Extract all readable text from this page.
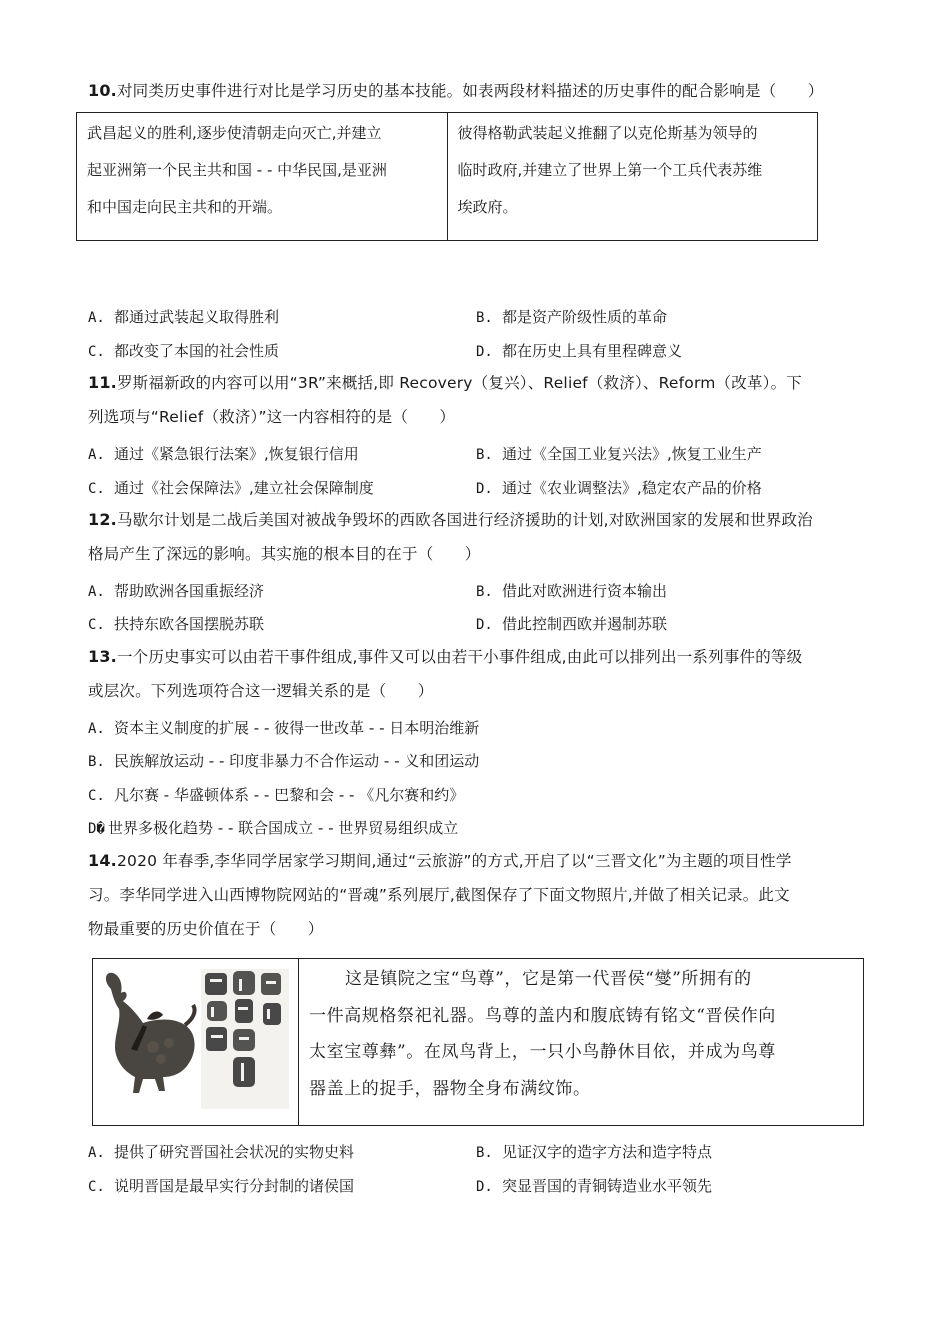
10.对同类历史事件进行对比是学习历史的基本技能。如表两段材料描述的历史事件的配合影响是（　　）
武昌起义的胜利,逐步使清朝走向灭亡,并建立
起亚洲第一个民主共和国 - - 中华民国,是亚洲
和中国走向民主共和的开端。

彼得格勒武装起义推翻了以克伦斯基为领导的
临时政府,并建立了世界上第一个工兵代表苏维
埃政府。
A. 都通过武装起义取得胜利	B. 都是资产阶级性质的革命
C. 都改变了本国的社会性质	D. 都在历史上具有里程碑意义
11.罗斯福新政的内容可以用“3R”来概括,即 Recovery（复兴）、Relief（救济）、Reform（改革）。下
列选项与“Relief（救济）”这一内容相符的是（　　）
A. 通过《紧急银行法案》,恢复银行信用	B. 通过《全国工业复兴法》,恢复工业生产
C. 通过《社会保障法》,建立社会保障制度	D. 通过《农业调整法》,稳定农产品的价格
12.马歇尔计划是二战后美国对被战争毁坏的西欧各国进行经济援助的计划,对欧洲国家的发展和世界政治
格局产生了深远的影响。其实施的根本目的在于（　　）
A. 帮助欧洲各国重振经济	B. 借此对欧洲进行资本输出
C. 扶持东欧各国摆脱苏联	D. 借此控制西欧并遏制苏联
13.一个历史事实可以由若干事件组成,事件又可以由若干小事件组成,由此可以排列出一系列事件的等级
或层次。下列选项符合这一逻辑关系的是（　　）
A. 资本主义制度的扩展 - - 彼得一世改革 - - 日本明治维新
B. 民族解放运动 - - 印度非暴力不合作运动 - - 义和团运动
C. 凡尔赛 - 华盛顿体系 - - 巴黎和会 - - 《凡尔赛和约》
D� 世界多极化趋势 - - 联合国成立 - - 世界贸易组织成立
14.2020 年春季,李华同学居家学习期间,通过“云旅游”的方式,开启了以“三晋文化”为主题的项目性学
习。李华同学进入山西博物院网站的“晋魂”系列展厅,截图保存了下面文物照片,并做了相关记录。此文
物最重要的历史价值在于（　　）
这是镇院之宝“鸟尊”，它是第一代晋侯“燮”所拥有的
一件高规格祭祀礼器。鸟尊的盖内和腹底铸有铭文“晋侯作向
太室宝尊彝”。在凤鸟背上，一只小鸟静休目依，并成为鸟尊
器盖上的捉手，器物全身布满纹饰。
A. 提供了研究晋国社会状况的实物史料	B. 见证汉字的造字方法和造字特点
C. 说明晋国是最早实行分封制的诸侯国	D. 突显晋国的青铜铸造业水平领先
